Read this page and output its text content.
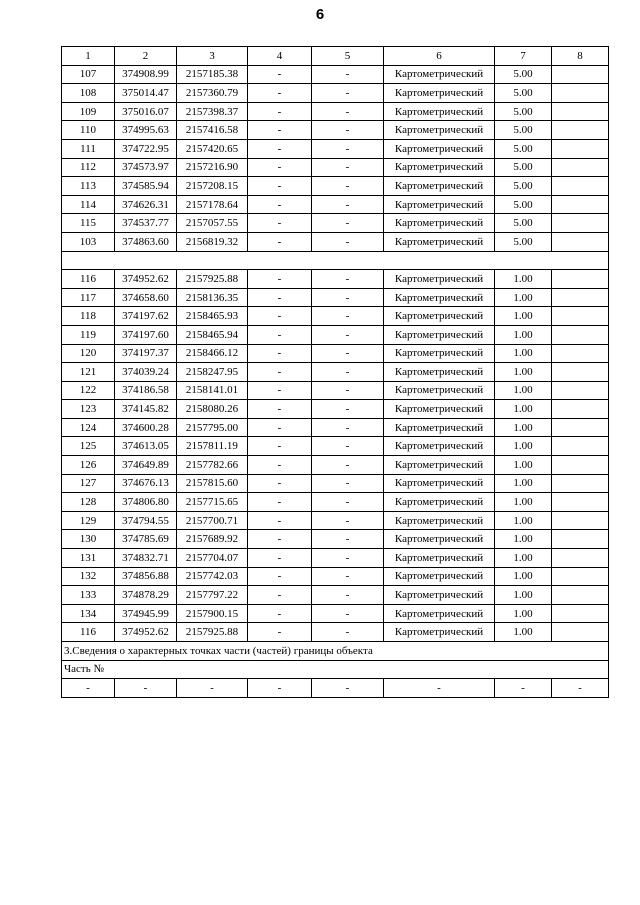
6
1	2	3	4	5	6	7	8
107	374908.99	2157185.38	-	-	Картометрический	5.00	
108	375014.47	2157360.79	-	-	Картометрический	5.00	
109	375016.07	2157398.37	-	-	Картометрический	5.00	
110	374995.63	2157416.58	-	-	Картометрический	5.00	
111	374722.95	2157420.65	-	-	Картометрический	5.00	
112	374573.97	2157216.90	-	-	Картометрический	5.00	
113	374585.94	2157208.15	-	-	Картометрический	5.00	
114	374626.31	2157178.64	-	-	Картометрический	5.00	
115	374537.77	2157057.55	-	-	Картометрический	5.00	
103	374863.60	2156819.32	-	-	Картометрический	5.00	

116	374952.62	2157925.88	-	-	Картометрический	1.00	
117	374658.60	2158136.35	-	-	Картометрический	1.00	
118	374197.62	2158465.93	-	-	Картометрический	1.00	
119	374197.60	2158465.94	-	-	Картометрический	1.00	
120	374197.37	2158466.12	-	-	Картометрический	1.00	
121	374039.24	2158247.95	-	-	Картометрический	1.00	
122	374186.58	2158141.01	-	-	Картометрический	1.00	
123	374145.82	2158080.26	-	-	Картометрический	1.00	
124	374600.28	2157795.00	-	-	Картометрический	1.00	
125	374613.05	2157811.19	-	-	Картометрический	1.00	
126	374649.89	2157782.66	-	-	Картометрический	1.00	
127	374676.13	2157815.60	-	-	Картометрический	1.00	
128	374806.80	2157715.65	-	-	Картометрический	1.00	
129	374794.55	2157700.71	-	-	Картометрический	1.00	
130	374785.69	2157689.92	-	-	Картометрический	1.00	
131	374832.71	2157704.07	-	-	Картометрический	1.00	
132	374856.88	2157742.03	-	-	Картометрический	1.00	
133	374878.29	2157797.22	-	-	Картометрический	1.00	
134	374945.99	2157900.15	-	-	Картометрический	1.00	
116	374952.62	2157925.88	-	-	Картометрический	1.00	
3.Сведения о характерных точках части (частей) границы объекта							
Часть №							
-	-	-	-	-	-	-	-
